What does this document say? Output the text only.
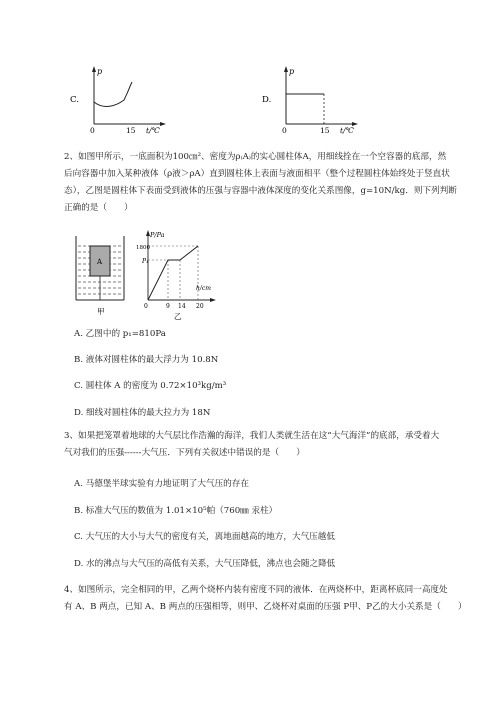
C.
p
0	15 t/℃
D.
p
0	15 t/℃
2、如图甲所示，一底面积为100㎝²、密度为ρ₍A₎的实心圆柱体A，用细线拴在一个空容器的底部，然
后向容器中加入某种液体（ρ液＞ρA）直到圆柱体上表面与液面相平（整个过程圆柱体始终处于竖直状
态），乙图是圆柱体下表面受到液体的压强与容器中液体深度的变化关系图像，g=10N/kg．则下列判断
正确的是（　　）
A
甲
P/Pa
1800
P₁
0	9 14 20
h/cm
乙
A. 乙图中的 p₁=810Pa
B. 液体对圆柱体的最大浮力为 10.8N
C. 圆柱体 A 的密度为 0.72×10³kg/m³
D. 细线对圆柱体的最大拉力为 18N
3、如果把笼罩着地球的大气层比作浩瀚的海洋，我们人类就生活在这“大气海洋”的底部，承受着大
气对我们的压强------大气压．下列有关叙述中错误的是（　　）
A. 马德堡半球实验有力地证明了大气压的存在
B. 标准大气压的数值为 1.01×10⁵帕（760㎜ 汞柱）
C. 大气压的大小与大气的密度有关，离地面越高的地方，大气压越低
D. 水的沸点与大气压的高低有关系，大气压降低，沸点也会随之降低
4、如图所示，完全相同的甲，乙两个烧杯内装有密度不同的液体．在两烧杯中，距离杯底同一高度处
有 A、B 两点，已知 A、B 两点的压强相等，则甲、乙烧杯对桌面的压强 P甲、P乙的大小关系是（　　）
